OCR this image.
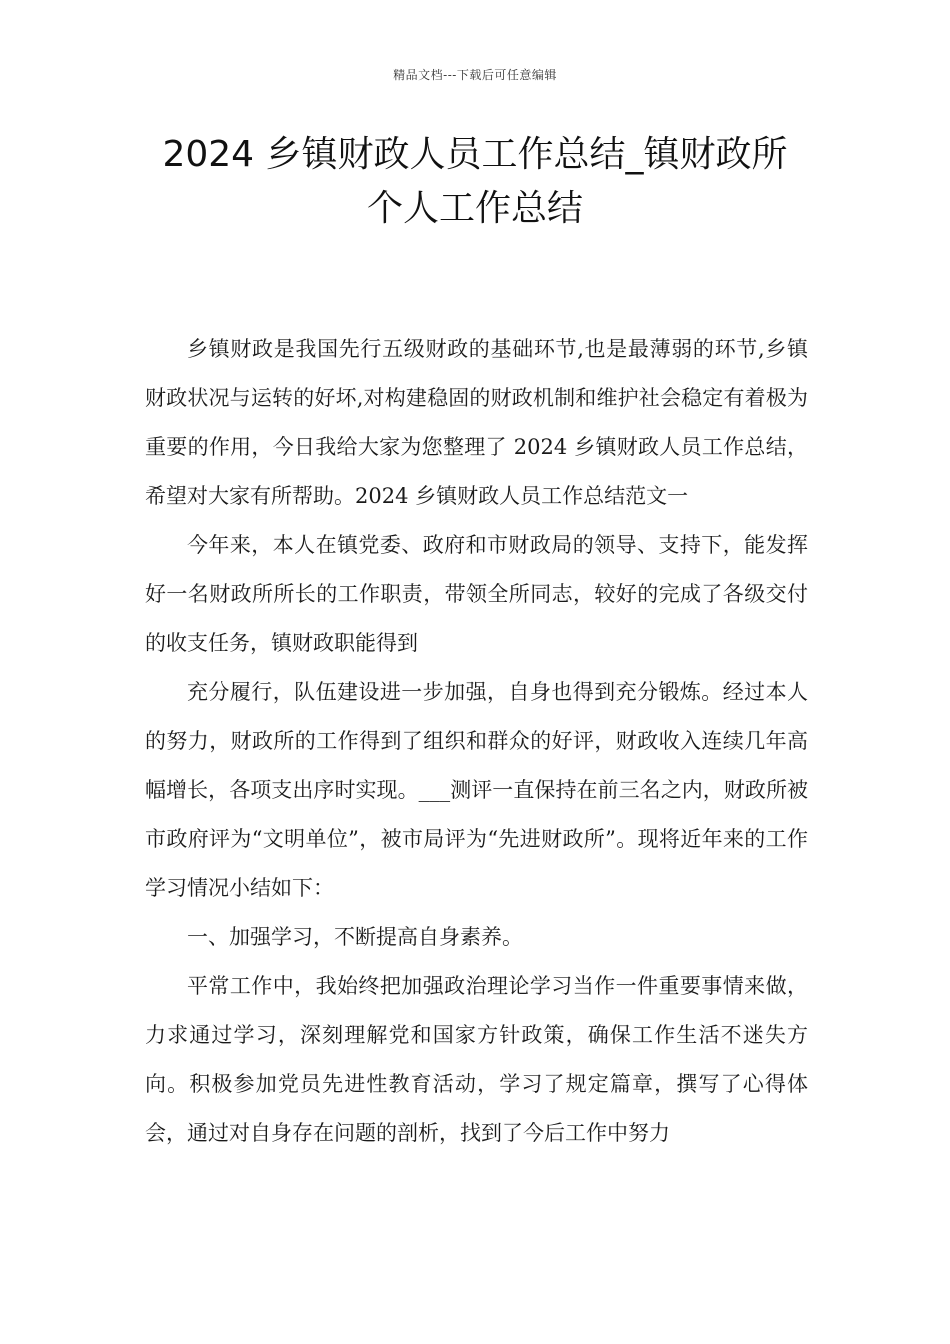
精品文档---下载后可任意编辑
2024 乡镇财政人员工作总结_镇财政所
个人工作总结

乡镇财政是我国先行五级财政的基础环节,也是最薄弱的环节,乡镇财政状况与运转的好坏,对构建稳固的财政机制和维护社会稳定有着极为重要的作用，今日我给大家为您整理了 2024 乡镇财政人员工作总结，希望对大家有所帮助。2024 乡镇财政人员工作总结范文一

今年来，本人在镇党委、政府和市财政局的领导、支持下，能发挥好一名财政所所长的工作职责，带领全所同志，较好的完成了各级交付的收支任务，镇财政职能得到

充分履行，队伍建设进一步加强，自身也得到充分锻炼。经过本人的努力，财政所的工作得到了组织和群众的好评，财政收入连续几年高幅增长，各项支出序时实现。___测评一直保持在前三名之内，财政所被市政府评为“文明单位”，被市局评为“先进财政所”。现将近年来的工作学习情况小结如下：

一、加强学习，不断提高自身素养。

平常工作中，我始终把加强政治理论学习当作一件重要事情来做，力求通过学习，深刻理解党和国家方针政策，确保工作生活不迷失方向。积极参加党员先进性教育活动，学习了规定篇章，撰写了心得体会，通过对自身存在问题的剖析，找到了今后工作中努力
